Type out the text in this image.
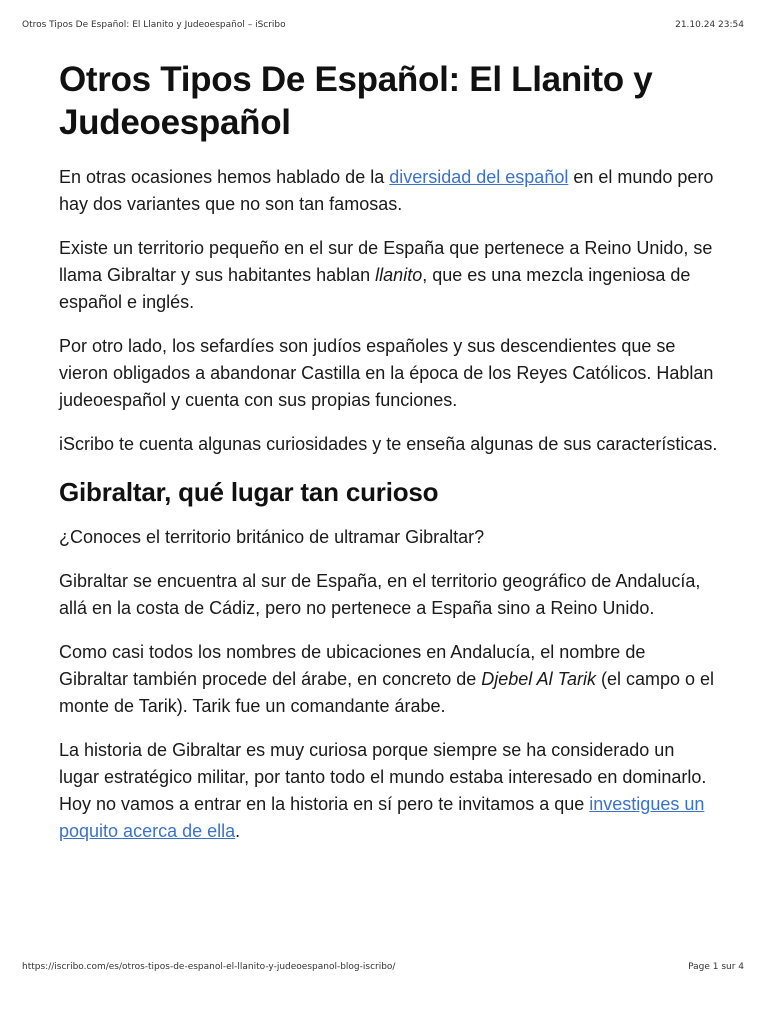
Otros Tipos De Español: El Llanito y Judeoespañol – iScribo	21.10.24 23:54
Otros Tipos De Español: El Llanito y Judeoespañol

En otras ocasiones hemos hablado de la diversidad del español en el mundo pero hay dos variantes que no son tan famosas.

Existe un territorio pequeño en el sur de España que pertenece a Reino Unido, se llama Gibraltar y sus habitantes hablan llanito, que es una mezcla ingeniosa de español e inglés.

Por otro lado, los sefardíes son judíos españoles y sus descendientes que se vieron obligados a abandonar Castilla en la época de los Reyes Católicos. Hablan judeoespañol y cuenta con sus propias funciones.

iScribo te cuenta algunas curiosidades y te enseña algunas de sus características.

Gibraltar, qué lugar tan curioso

¿Conoces el territorio británico de ultramar Gibraltar?

Gibraltar se encuentra al sur de España, en el territorio geográfico de Andalucía, allá en la costa de Cádiz, pero no pertenece a España sino a Reino Unido.

Como casi todos los nombres de ubicaciones en Andalucía, el nombre de Gibraltar también procede del árabe, en concreto de Djebel Al Tarik (el campo o el monte de Tarik). Tarik fue un comandante árabe.

La historia de Gibraltar es muy curiosa porque siempre se ha considerado un lugar estratégico militar, por tanto todo el mundo estaba interesado en dominarlo. Hoy no vamos a entrar en la historia en sí pero te invitamos a que investigues un poquito acerca de ella.

https://iscribo.com/es/otros-tipos-de-espanol-el-llanito-y-judeoespanol-blog-iscribo/	Page 1 sur 4
